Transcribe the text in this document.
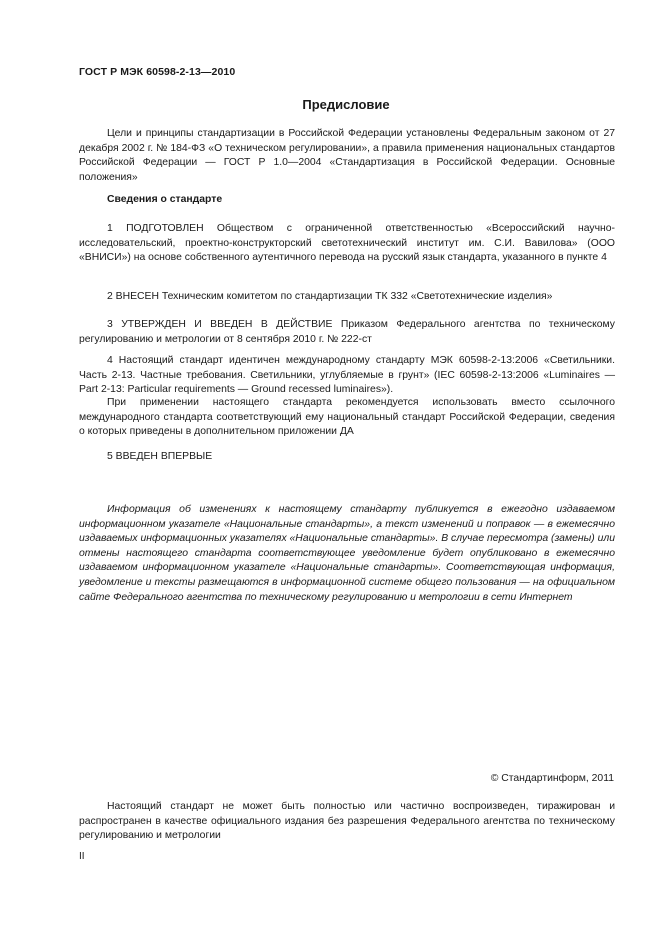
ГОСТ Р МЭК 60598-2-13—2010
Предисловие
Цели и принципы стандартизации в Российской Федерации установлены Федеральным законом от 27 декабря 2002 г. № 184-ФЗ «О техническом регулировании», а правила применения национальных стандартов Российской Федерации — ГОСТ Р 1.0—2004 «Стандартизация в Российской Федерации. Основные положения»
Сведения о стандарте
1 ПОДГОТОВЛЕН Обществом с ограниченной ответственностью «Всероссийский научно-исследовательский, проектно-конструкторский светотехнический институт им. С.И. Вавилова» (ООО «ВНИСИ») на основе собственного аутентичного перевода на русский язык стандарта, указанного в пункте 4
2 ВНЕСЕН Техническим комитетом по стандартизации ТК 332 «Светотехнические изделия»
3 УТВЕРЖДЕН И ВВЕДЕН В ДЕЙСТВИЕ Приказом Федерального агентства по техническому регулированию и метрологии от 8 сентября 2010 г. № 222-ст
4 Настоящий стандарт идентичен международному стандарту МЭК 60598-2-13:2006 «Светильники. Часть 2-13. Частные требования. Светильники, углубляемые в грунт» (IEC 60598-2-13:2006 «Luminaires — Part 2-13: Particular requirements — Ground recessed luminaires»).
При применении настоящего стандарта рекомендуется использовать вместо ссылочного международного стандарта соответствующий ему национальный стандарт Российской Федерации, сведения о которых приведены в дополнительном приложении ДА
5 ВВЕДЕН ВПЕРВЫЕ
Информация об изменениях к настоящему стандарту публикуется в ежегодно издаваемом информационном указателе «Национальные стандарты», а текст изменений и поправок — в ежемесячно издаваемых информационных указателях «Национальные стандарты». В случае пересмотра (замены) или отмены настоящего стандарта соответствующее уведомление будет опубликовано в ежемесячно издаваемом информационном указателе «Национальные стандарты». Соответствующая информация, уведомление и тексты размещаются в информационной системе общего пользования — на официальном сайте Федерального агентства по техническому регулированию и метрологии в сети Интернет
© Стандартинформ, 2011
Настоящий стандарт не может быть полностью или частично воспроизведен, тиражирован и распространен в качестве официального издания без разрешения Федерального агентства по техническому регулированию и метрологии
II
